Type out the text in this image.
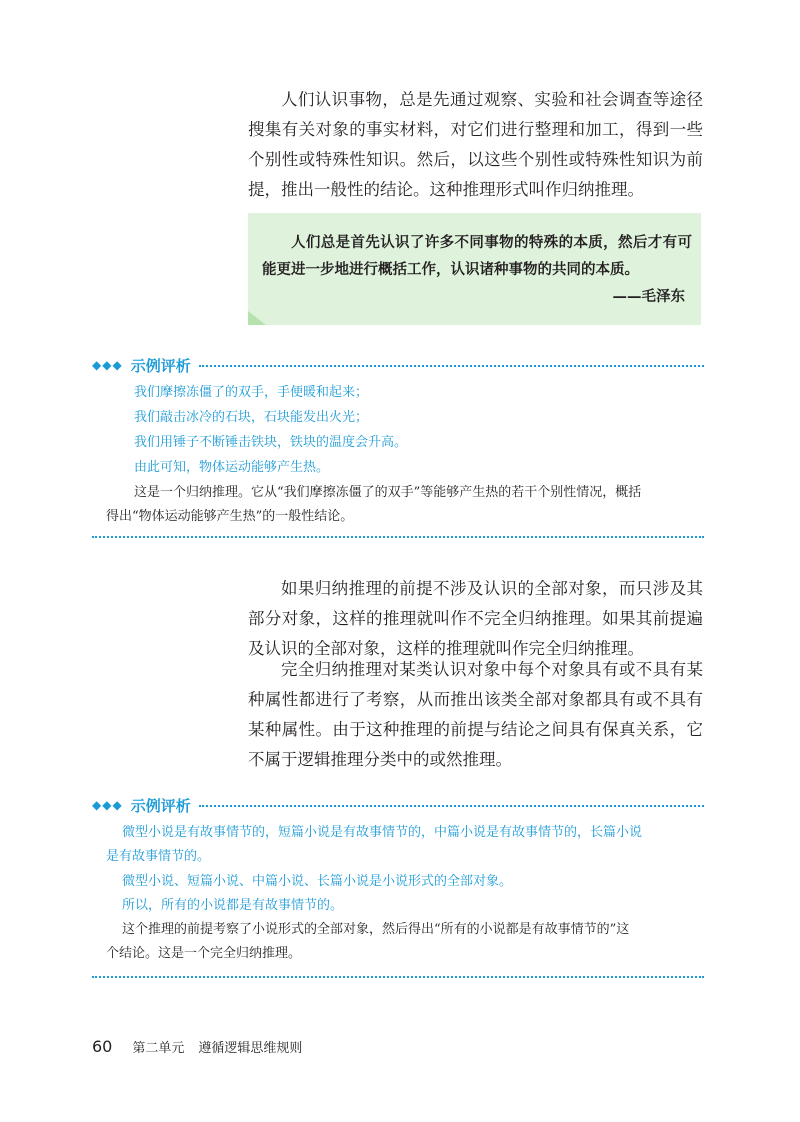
人们认识事物，总是先通过观察、实验和社会调查等途径搜集有关对象的事实材料，对它们进行整理和加工，得到一些个别性或特殊性知识。然后，以这些个别性或特殊性知识为前提，推出一般性的结论。这种推理形式叫作归纳推理。

人们总是首先认识了许多不同事物的特殊的本质，然后才有可能更进一步地进行概括工作，认识诸种事物的共同的本质。

——毛泽东
◆◆◆ 示例评析

我们摩擦冻僵了的双手，手便暖和起来；

我们敲击冰冷的石块，石块能发出火光；

我们用锤子不断锤击铁块，铁块的温度会升高。

由此可知，物体运动能够产生热。

这是一个归纳推理。它从“我们摩擦冻僵了的双手”等能够产生热的若干个别性情况，概括

得出“物体运动能够产生热”的一般性结论。

如果归纳推理的前提不涉及认识的全部对象，而只涉及其部分对象，这样的推理就叫作不完全归纳推理。如果其前提遍及认识的全部对象，这样的推理就叫作完全归纳推理。

完全归纳推理对某类认识对象中每个对象具有或不具有某种属性都进行了考察，从而推出该类全部对象都具有或不具有某种属性。由于这种推理的前提与结论之间具有保真关系，它不属于逻辑推理分类中的或然推理。

◆◆◆ 示例评析

微型小说是有故事情节的，短篇小说是有故事情节的，中篇小说是有故事情节的，长篇小说

是有故事情节的。

微型小说、短篇小说、中篇小说、长篇小说是小说形式的全部对象。

所以，所有的小说都是有故事情节的。

这个推理的前提考察了小说形式的全部对象，然后得出“所有的小说都是有故事情节的”这

个结论。这是一个完全归纳推理。

60 第二单元 遵循逻辑思维规则
